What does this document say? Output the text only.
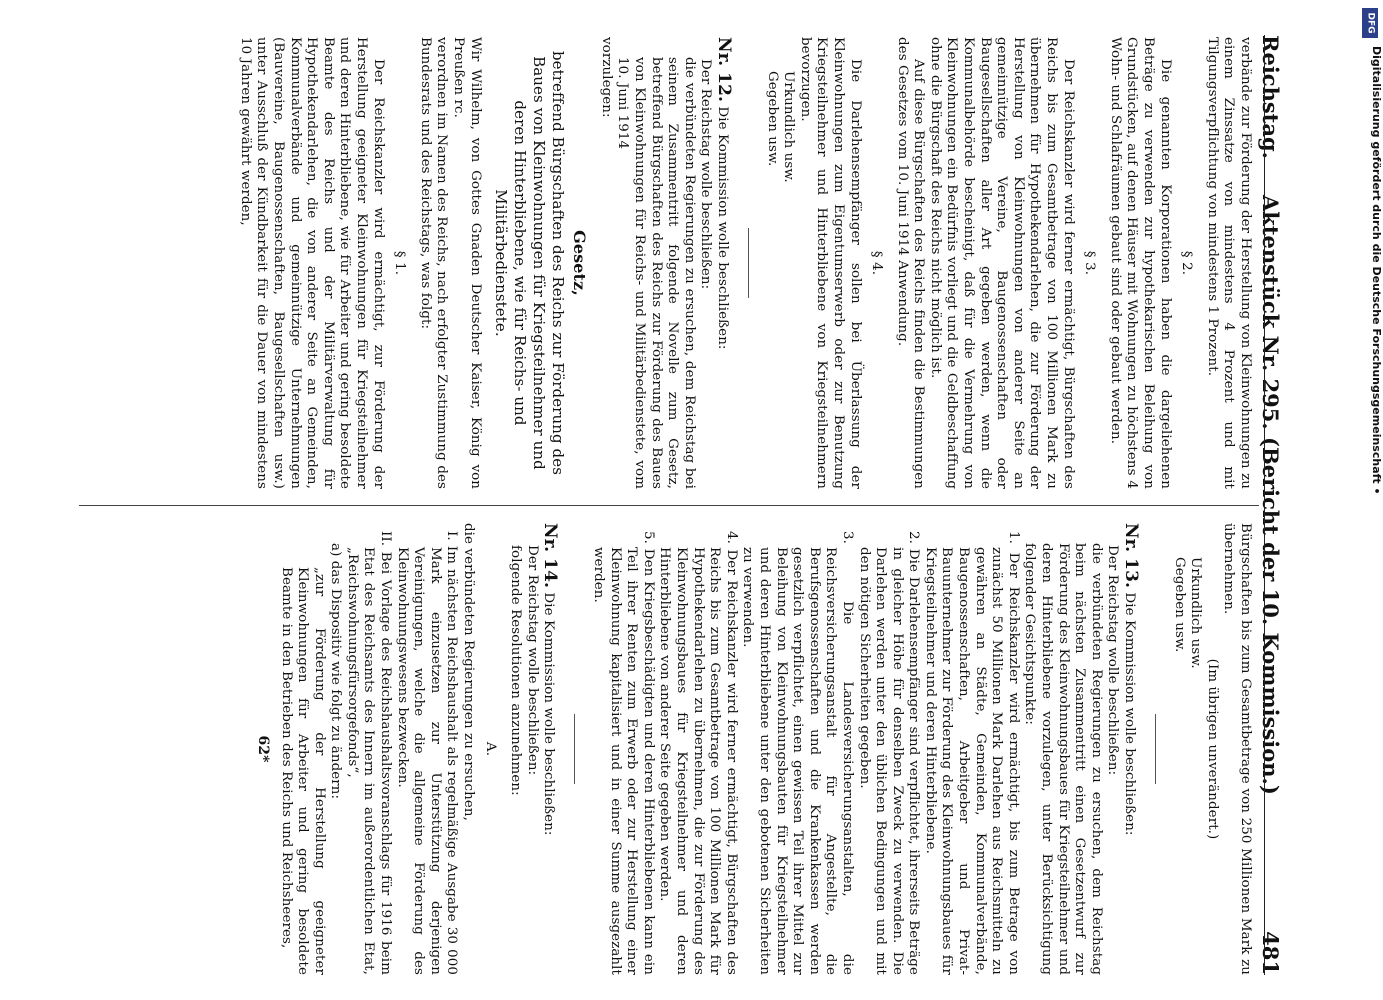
Reichstag.
Aktenstück Nr. 295. (Bericht der 10. Kommission.)
481

verbände zur Förderung der Herstellung von Kleinwohnungen zu einem Zinssatze von mindestens 4 Prozent und mit Tilgungsverpflichtung von mindestens 1 Prozent.

§ 2.

Die genannten Korporationen haben die dargeliehenen Beträge zu verwenden zur hypothekarischen Beleihung von Grundstücken, auf denen Häuser mit Wohnungen zu höchstens 4 Wohn- und Schlafräumen gebaut sind oder gebaut werden.

§ 3.

Der Reichskanzler wird ferner ermächtigt, Bürgschaften des Reichs bis zum Gesamtbetrage von 100 Millionen Mark zu übernehmen für Hypothekendarlehen, die zur Förderung der Herstellung von Kleinwohnungen von anderer Seite an gemeinnützige Vereine, Baugenossenschaften oder Baugesellschaften aller Art gegeben werden, wenn die Kommunalbehörde bescheinigt, daß für die Vermehrung von Kleinwohnungen ein Bedürfnis vorliegt und die Geldbeschaffung ohne die Bürgschaft des Reichs nicht möglich ist.

Auf diese Bürgschaften des Reichs finden die Bestimmungen des Gesetzes vom 10. Juni 1914 Anwendung.

§ 4.

Die Darlehensempfänger sollen bei Überlassung der Kleinwohnungen zum Eigentumserwerb oder zur Benutzung Kriegsteilnehmer und Hinterbliebene von Kriegsteilnehmern bevorzugen.

Urkundlich usw.

Gegeben usw.

Nr. 12. Die Kommission wolle beschließen:

Der Reichstag wolle beschließen:

die verbündeten Regierungen zu ersuchen, dem Reichstag bei seinem Zusammentritt folgende Novelle zum Gesetz, betreffend Bürgschaften des Reichs zur Förderung des Baues von Kleinwohnungen für Reichs- und Militärbedienstete, vom 10. Juni 1914

vorzulegen:

Gesetz,

betreffend Bürgschaften des Reichs zur Förderung des Baues von Kleinwohnungen für Kriegsteilnehmer und deren Hinterbliebene, wie für Reichs- und Militärbedienstete.

Wir Wilhelm, von Gottes Gnaden Deutscher Kaiser, König von Preußen rc.

verordnen im Namen des Reichs, nach erfolgter Zustimmung des Bundesrats und des Reichstags, was folgt:

§ 1.

Der Reichskanzler wird ermächtigt, zur Förderung der Herstellung geeigneter Kleinwohnungen für Kriegsteilnehmer und deren Hinterbliebene, wie für Arbeiter und gering besoldete Beamte des Reichs und der Militärverwaltung für Hypothekendarlehen, die von anderer Seite an Gemeinden, Kommunalverbände und gemeinnützige Unternehmungen (Bauvereine, Baugenossenschaften, Baugesellschaften usw.) unter Ausschluß der Kündbarkeit für die Dauer von mindestens 10 Jahren gewährt werden,

Bürgschaften bis zum Gesamtbetrage von 250 Millionen Mark zu übernehmen.

(Im übrigen unverändert.)

Urkundlich usw.

Gegeben usw.

Nr. 13. Die Kommission wolle beschließen:

Der Reichstag wolle beschließen:

die verbündeten Regierungen zu ersuchen, dem Reichstag beim nächsten Zusammentritt einen Gesetzentwurf zur Förderung des Kleinwohnungsbaues für Kriegsteilnehmer und deren Hinterbliebene vorzulegen, unter Berücksichtigung folgender Gesichtspunkte:

1. Der Reichskanzler wird ermächtigt, bis zum Betrage von zunächst 50 Millionen Mark Darlehen aus Reichsmitteln zu gewähren an Städte, Gemeinden, Kommunalverbände, Baugenossenschaften, Arbeitgeber und Privat-Bauunternehmer zur Förderung des Kleinwohnungsbaues für Kriegsteilnehmer und deren Hinterbliebene.

2. Die Darlehensempfänger sind verpflichtet, ihrerseits Beträge in gleicher Höhe für denselben Zweck zu verwenden. Die Darlehen werden unter den üblichen Bedingungen und mit den nötigen Sicherheiten gegeben.

3. Die Landesversicherungsanstalten, die Reichsversicherungsanstalt für Angestellte, die Berufsgenossenschaften und die Krankenkassen werden gesetzlich verpflichtet, einen gewissen Teil ihrer Mittel zur Beleihung von Kleinwohnungsbauten für Kriegsteilnehmer und deren Hinterbliebene unter den gebotenen Sicherheiten zu verwenden.

4. Der Reichskanzler wird ferner ermächtigt, Bürgschaften des Reichs bis zum Gesamtbetrage von 100 Millionen Mark für Hypothekendarlehen zu übernehmen, die zur Förderung des Kleinwohnungsbaues für Kriegsteilnehmer und deren Hinterbliebene von anderer Seite gegeben werden.

5. Den Kriegsbeschädigten und deren Hinterbliebenen kann ein Teil ihrer Renten zum Erwerb oder zur Herstellung einer Kleinwohnung kapitalisiert und in einer Summe ausgezahlt werden.

Nr. 14. Die Kommission wolle beschließen:

Der Reichstag wolle beschließen:

folgende Resolutionen anzunehmen:

A.

die verbündeten Regierungen zu ersuchen,

I. Im nächsten Reichshaushalt als regelmäßige Ausgabe 30 000 Mark einzusetzen zur Unterstützung derjenigen Vereinigungen, welche die allgemeine Förderung des Kleinwohnungswesens bezwecken.

II. Bei Vorlage des Reichshaushaltsvoranschlags für 1916 beim Etat des Reichsamts des Innern im außerordentlichen Etat, „Reichswohnungsfürsorgefonds“,

a) das Dispositiv wie folgt zu ändern:

„zur Förderung der Herstellung geeigneter Kleinwohnungen für Arbeiter und gering besoldete Beamte in den Betrieben des Reichs und Reichsheeres,

62*

DFG
Digitalisierung gefördert durch die Deutsche Forschungsgemeinschaft •
